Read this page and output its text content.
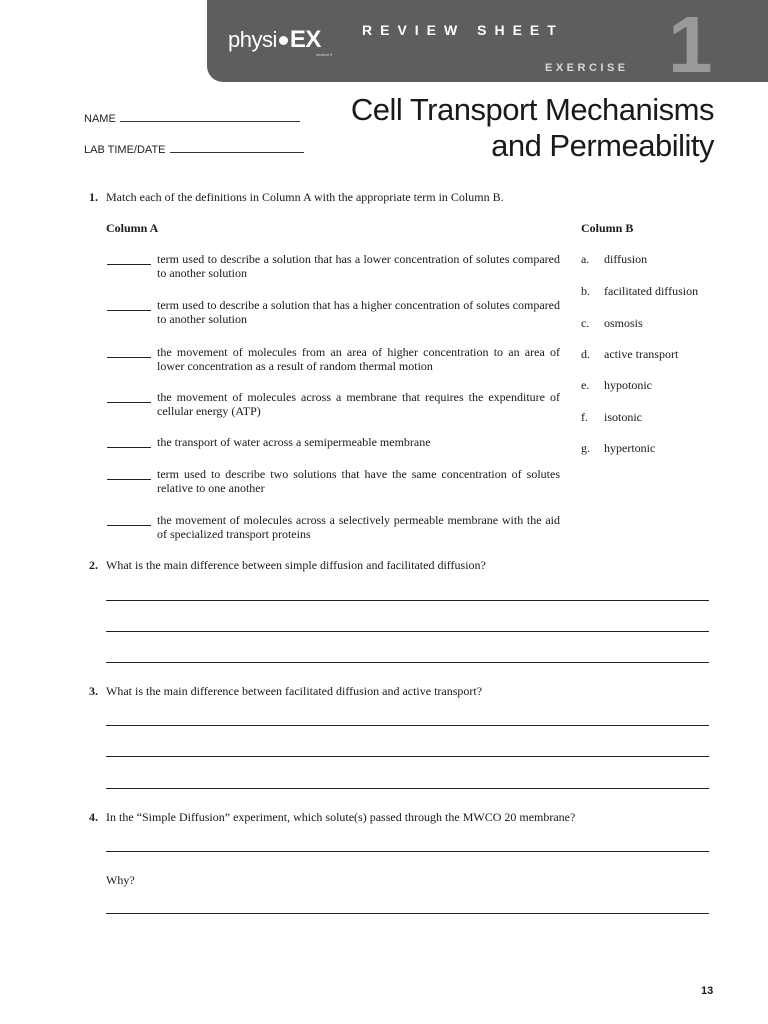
physi EX
version 9
REVIEW SHEET
EXERCISE 1
NAME
LAB TIME/DATE
Cell Transport Mechanisms
and Permeability
1. Match each of the definitions in Column A with the appropriate term in Column B.
Column A	Column B
term used to describe a solution that has a lower concentration of solutes compared to another solution
term used to describe a solution that has a higher concentration of solutes compared to another solution
the movement of molecules from an area of higher concentration to an area of lower concentration as a result of random thermal motion
the movement of molecules across a membrane that requires the expenditure of cellular energy (ATP)
the transport of water across a semipermeable membrane
term used to describe two solutions that have the same concentration of solutes relative to one another
the movement of molecules across a selectively permeable membrane with the aid of specialized transport proteins
a. diffusion
b. facilitated diffusion
c. osmosis
d. active transport
e. hypotonic
f. isotonic
g. hypertonic
2. What is the main difference between simple diffusion and facilitated diffusion?
3. What is the main difference between facilitated diffusion and active transport?
4. In the “Simple Diffusion” experiment, which solute(s) passed through the MWCO 20 membrane?
Why?
13
